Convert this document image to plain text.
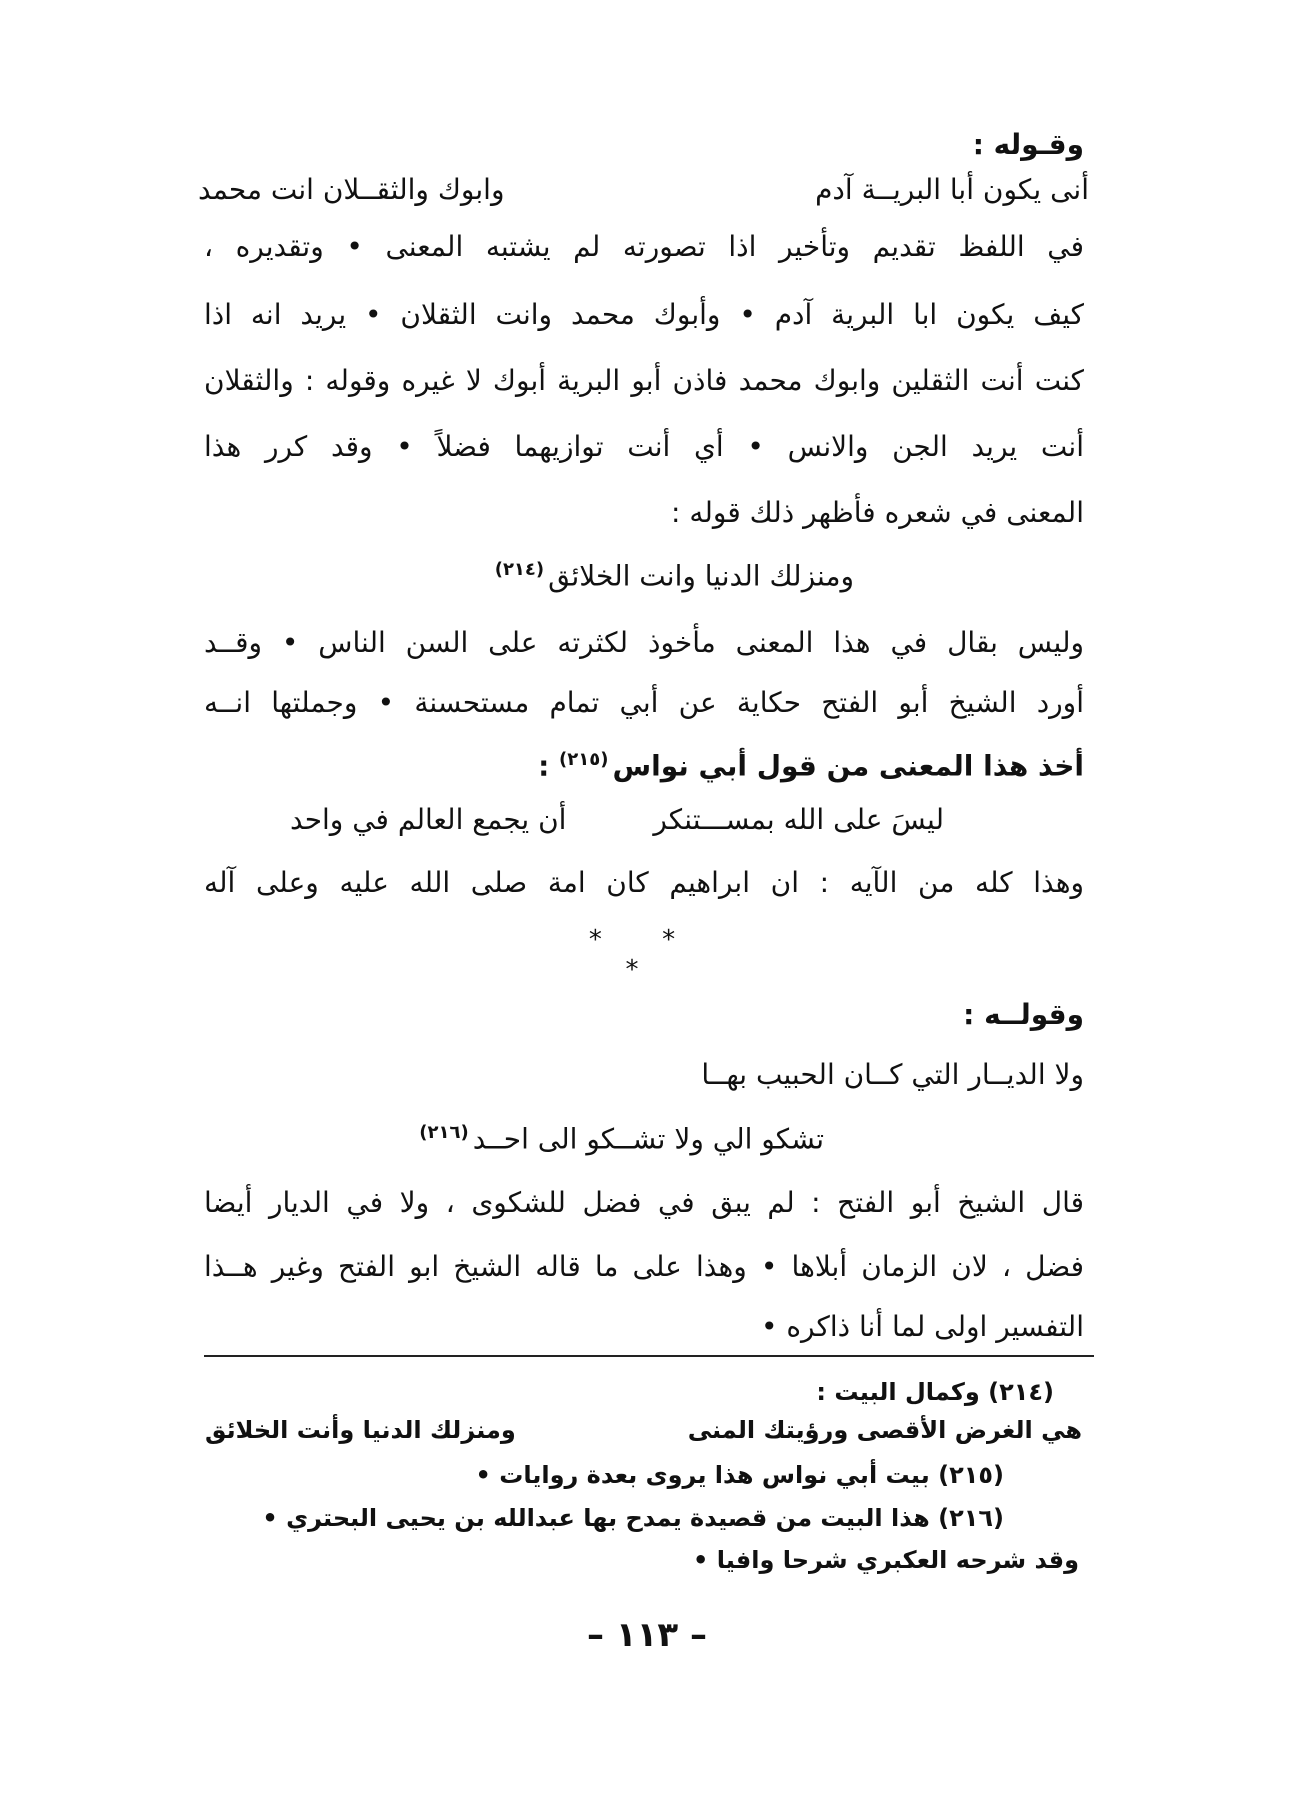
وقـوله :
أنى يكون أبا البريــة آدم
وابوك والثقــلان انت محمد
في اللفظ تقديم وتأخير اذا تصورته لم يشتبه المعنى • وتقديره ،
كيف يكون ابا البرية آدم • وأبوك محمد وانت الثقلان • يريد انه اذا
كنت أنت الثقلين وابوك محمد فاذن أبو البرية أبوك لا غيره وقوله : والثقلان
أنت يريد الجن والانس • أي أنت توازيهما فضلاً • وقد كرر هذا
المعنى في شعره فأظهر ذلك قوله :
ومنزلك الدنيا وانت الخلائق$^{(٢١٤)}$
وليس بقال في هذا المعنى مأخوذ لكثرته على السن الناس • وقــد
أورد الشيخ أبو الفتح حكاية عن أبي تمام مستحسنة • وجملتها انــه
أخذ هذا المعنى من قول أبي نواس$^{(٢١٥)}$ :
ليسَ على الله بمســـتنكر
أن يجمع العالم في واحد
وهذا كله من الآيه : ان ابراهيم كان امة صلى الله عليه وعلى آله
* * *
وقولــه :
ولا الديــار التي كــان الحبيب بهــا
تشكو الي ولا تشــكو الى احــد$^{(٢١٦)}$
قال الشيخ أبو الفتح : لم يبق في فضل للشكوى ، ولا في الديار أيضا
فضل ، لان الزمان أبلاها • وهذا على ما قاله الشيخ ابو الفتح وغير هــذا
التفسير اولى لما أنا ذاكره •
(٢١٤) وكمال البيت :
هي الغرض الأقصى ورؤيتك المنى
ومنزلك الدنيا وأنت الخلائق
(٢١٥) بيت أبي نواس هذا يروى بعدة روايات •
(٢١٦) هذا البيت من قصيدة يمدح بها عبدالله بن يحيى البحتري •
وقد شرحه العكبري شرحا وافيا •
– ١١٣ –
